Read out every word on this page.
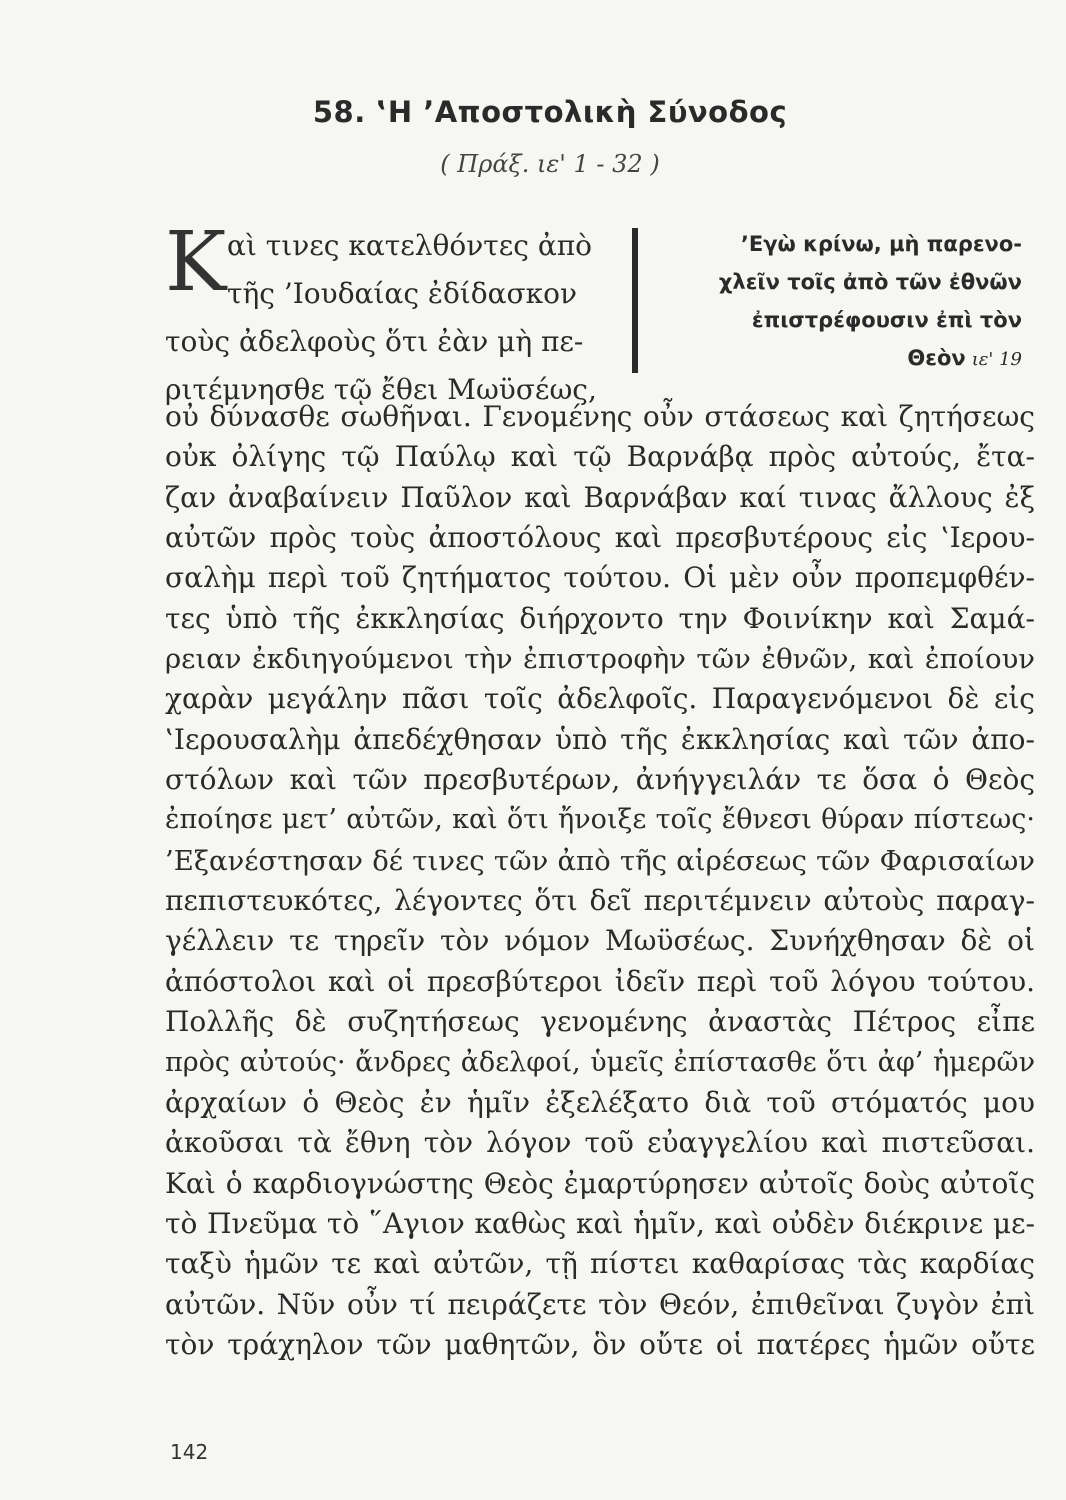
58. ‛Η ’Αποστολικὴ Σύνοδος
( Πράξ. ιε' 1 - 32 )
Κ αὶ τινες κατελθόντες ἀπὸ
τῆς ’Ιουδαίας ἐδίδασκον
τοὺς ἀδελφοὺς ὅτι ἐὰν μὴ πε-
ριτέμνησθε τῷ ἔθει Μωϋσέως,
’Εγὼ κρίνω, μὴ παρενο-
χλεῖν τοῖς ἀπὸ τῶν ἐθνῶν
ἐπιστρέφουσιν ἐπὶ τὸν
Θεὸν ιε' 19
οὐ δύνασθε σωθῆναι. Γενομένης οὖν στάσεως καὶ ζητήσεως
οὐκ ὀλίγης τῷ Παύλῳ καὶ τῷ Βαρνάβᾳ πρὸς αὐτούς, ἔτα-
ζαν ἀναβαίνειν Παῦλον καὶ Βαρνάβαν καί τινας ἄλλους ἐξ
αὐτῶν πρὸς τοὺς ἀποστόλους καὶ πρεσβυτέρους εἰς ‛Ιερου-
σαλὴμ περὶ τοῦ ζητήματος τούτου. Οἱ μὲν οὖν προπεμφθέν-
τες ὑπὸ τῆς ἐκκλησίας διήρχοντο την Φοινίκην καὶ Σαμά-
ρειαν ἐκδιηγούμενοι τὴν ἐπιστροφὴν τῶν ἐθνῶν, καὶ ἐποίουν
χαρὰν μεγάλην πᾶσι τοῖς ἀδελφοῖς. Παραγενόμενοι δὲ εἰς
‛Ιερουσαλὴμ ἀπεδέχθησαν ὑπὸ τῆς ἐκκλησίας καὶ τῶν ἀπο-
στόλων καὶ τῶν πρεσβυτέρων, ἀνήγγειλάν τε ὅσα ὁ Θεὸς
ἐποίησε μετ’ αὐτῶν, καὶ ὅτι ἤνοιξε τοῖς ἔθνεσι θύραν πίστεως·
’Εξανέστησαν δέ τινες τῶν ἀπὸ τῆς αἱρέσεως τῶν Φαρισαίων
πεπιστευκότες, λέγοντες ὅτι δεῖ περιτέμνειν αὐτοὺς παραγ-
γέλλειν τε τηρεῖν τὸν νόμον Μωϋσέως. Συνήχθησαν δὲ οἱ
ἀπόστολοι καὶ οἱ πρεσβύτεροι ἰδεῖν περὶ τοῦ λόγου τούτου.
Πολλῆς δὲ συζητήσεως γενομένης ἀναστὰς Πέτρος εἶπε
πρὸς αὐτούς· ἄνδρες ἀδελφοί, ὑμεῖς ἐπίστασθε ὅτι ἀφ’ ἡμερῶν
ἀρχαίων ὁ Θεὸς ἐν ἡμῖν ἐξελέξατο διὰ τοῦ στόματός μου
ἀκοῦσαι τὰ ἔθνη τὸν λόγον τοῦ εὐαγγελίου καὶ πιστεῦσαι.
Καὶ ὁ καρδιογνώστης Θεὸς ἐμαρτύρησεν αὐτοῖς δοὺς αὐτοῖς
τὸ Πνεῦμα τὸ ῞Αγιον καθὼς καὶ ἡμῖν, καὶ οὐδὲν διέκρινε με-
ταξὺ ἡμῶν τε καὶ αὐτῶν, τῇ πίστει καθαρίσας τὰς καρδίας
αὐτῶν. Νῦν οὖν τί πειράζετε τὸν Θεόν, ἐπιθεῖναι ζυγὸν ἐπὶ
τὸν τράχηλον τῶν μαθητῶν, ὃν οὔτε οἱ πατέρες ἡμῶν οὔτε
142
